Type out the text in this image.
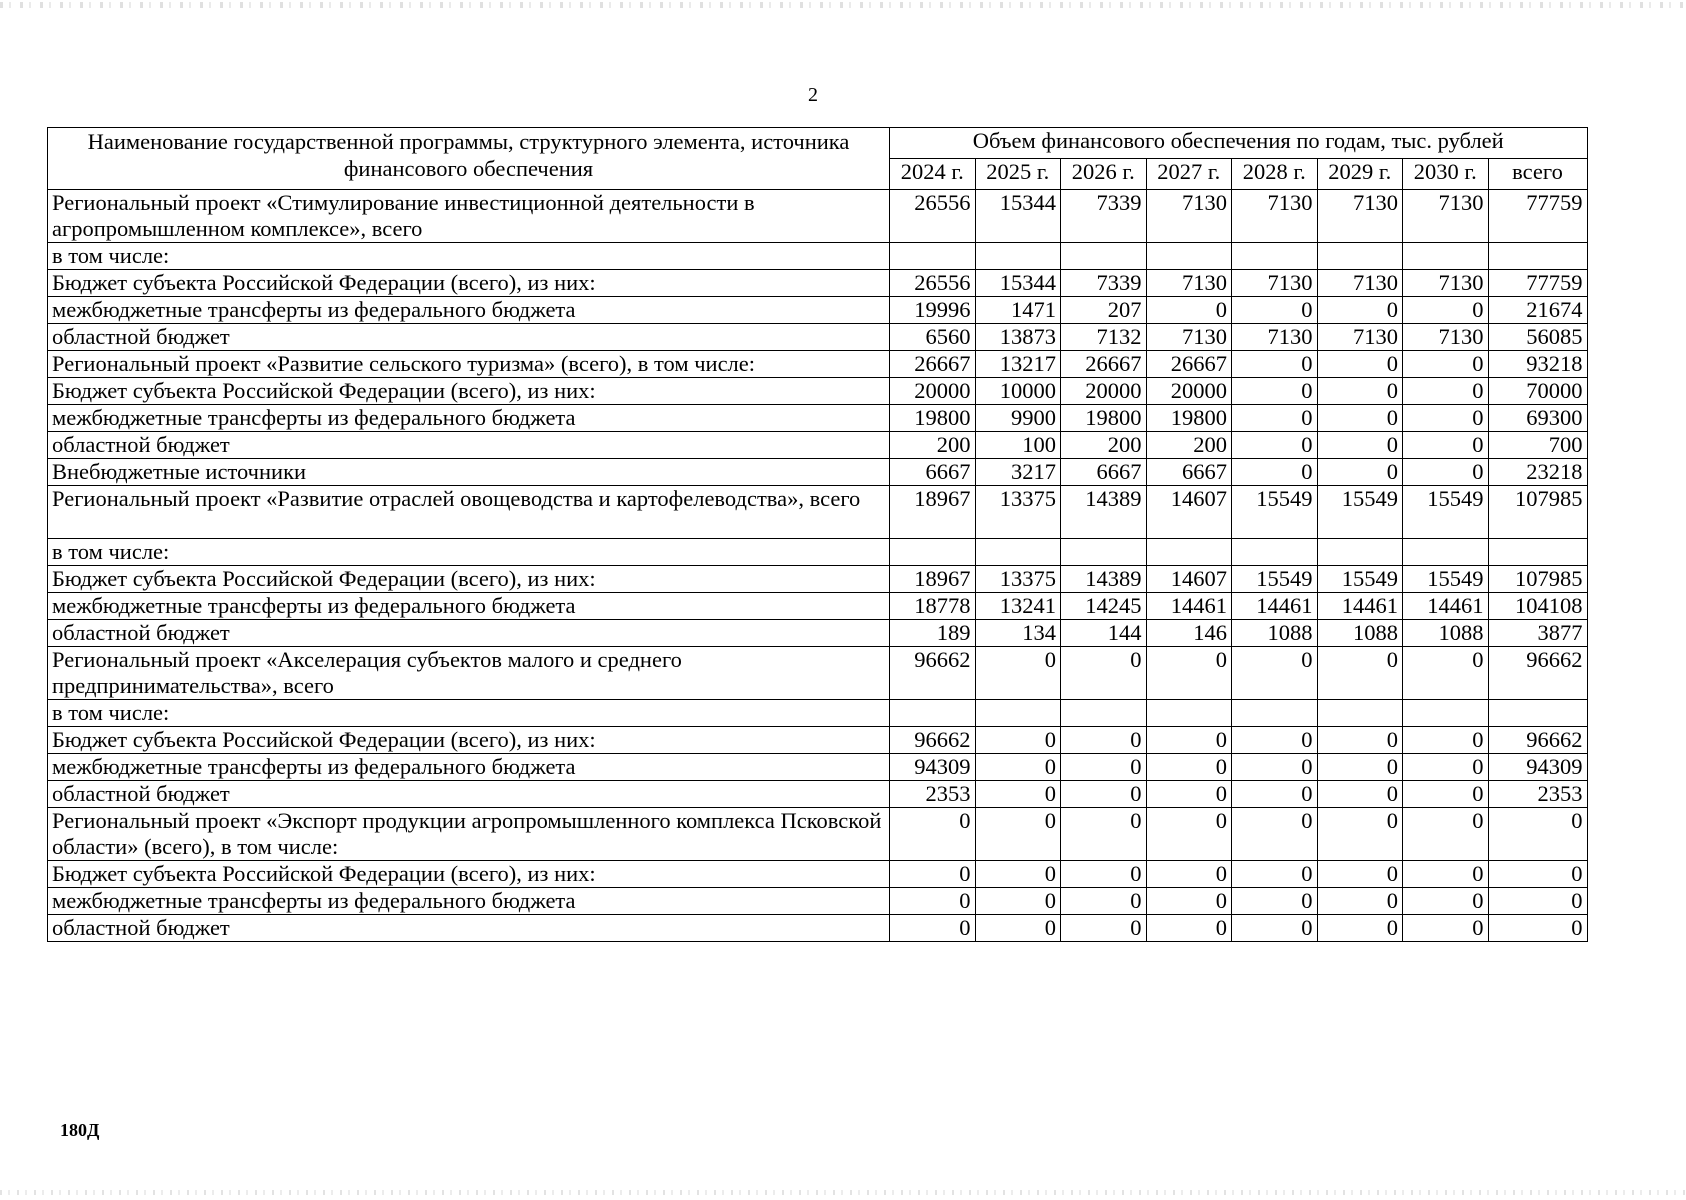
2
Наименование государственной программы, структурного элемента, источника финансового обеспечения	Объем финансового обеспечения по годам, тыс. рублей							
	2024 г.	2025 г.	2026 г.	2027 г.	2028 г.	2029 г.	2030 г.	всего
Региональный проект «Стимулирование инвестиционной деятельности в агропромышленном комплексе», всего	26556	15344	7339	7130	7130	7130	7130	77759
в том числе:								
Бюджет субъекта Российской Федерации (всего), из них:	26556	15344	7339	7130	7130	7130	7130	77759
межбюджетные трансферты из федерального бюджета	19996	1471	207	0	0	0	0	21674
областной бюджет	6560	13873	7132	7130	7130	7130	7130	56085
Региональный проект «Развитие сельского туризма» (всего), в том числе:	26667	13217	26667	26667	0	0	0	93218
Бюджет субъекта Российской Федерации (всего), из них:	20000	10000	20000	20000	0	0	0	70000
межбюджетные трансферты из федерального бюджета	19800	9900	19800	19800	0	0	0	69300
областной бюджет	200	100	200	200	0	0	0	700
Внебюджетные источники	6667	3217	6667	6667	0	0	0	23218
Региональный проект «Развитие отраслей овощеводства и картофелеводства», всего	18967	13375	14389	14607	15549	15549	15549	107985
в том числе:								
Бюджет субъекта Российской Федерации (всего), из них:	18967	13375	14389	14607	15549	15549	15549	107985
межбюджетные трансферты из федерального бюджета	18778	13241	14245	14461	14461	14461	14461	104108
областной бюджет	189	134	144	146	1088	1088	1088	3877
Региональный проект «Акселерация субъектов малого и среднего предпринимательства», всего	96662	0	0	0	0	0	0	96662
в том числе:								
Бюджет субъекта Российской Федерации (всего), из них:	96662	0	0	0	0	0	0	96662
межбюджетные трансферты из федерального бюджета	94309	0	0	0	0	0	0	94309
областной бюджет	2353	0	0	0	0	0	0	2353
Региональный проект «Экспорт продукции агропромышленного комплекса Псковской области» (всего), в том числе:	0	0	0	0	0	0	0	0
Бюджет субъекта Российской Федерации (всего), из них:	0	0	0	0	0	0	0	0
межбюджетные трансферты из федерального бюджета	0	0	0	0	0	0	0	0
областной бюджет	0	0	0	0	0	0	0	0
180Д
